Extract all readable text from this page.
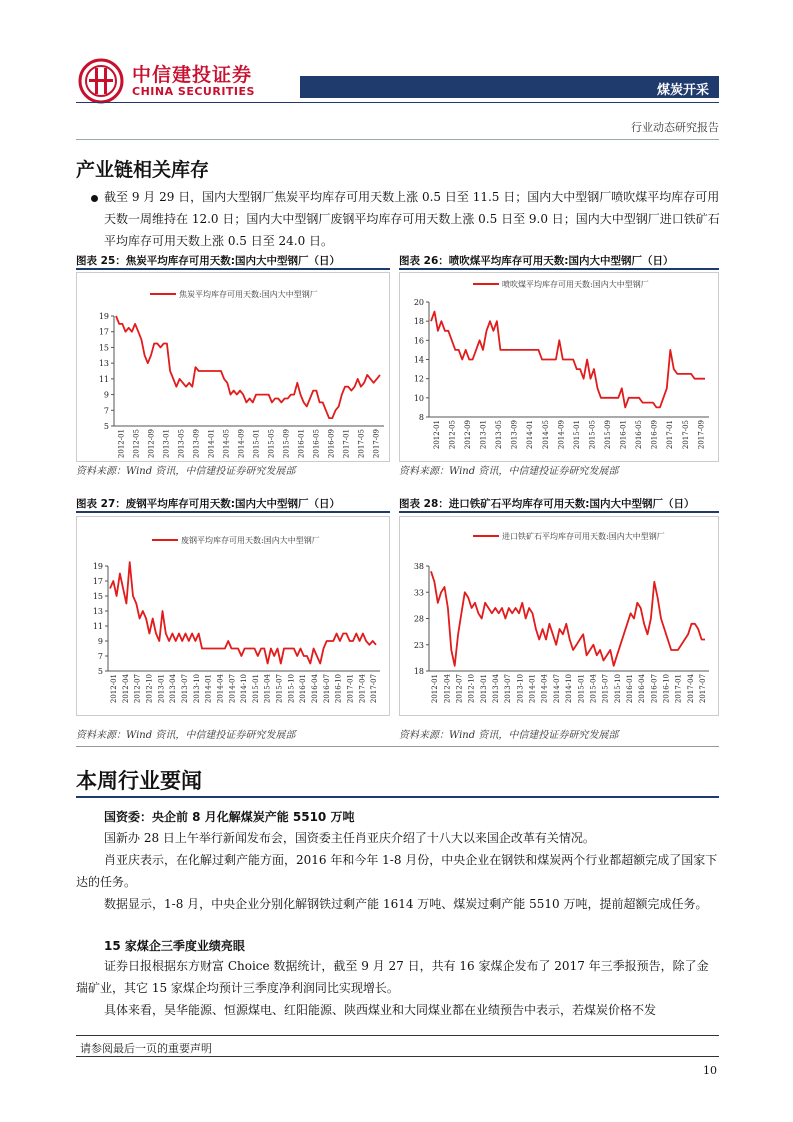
中信建投证券
CHINA SECURITIES	煤炭开采
行业动态研究报告
产业链相关库存
截至 9 月 29 日，国内大型钢厂焦炭平均库存可用天数上涨 0.5 日至 11.5 日；国内大中型钢厂喷吹煤平均库存可用天数一周维持在 12.0 日；国内大中型钢厂废钢平均库存可用天数上涨 0.5 日至 9.0 日；国内大中型钢厂进口铁矿石平均库存可用天数上涨 0.5 日至 24.0 日。
图表 25：焦炭平均库存可用天数:国内大中型钢厂（日）	图表 26：喷吹煤平均库存可用天数:国内大中型钢厂（日）
焦炭平均库存可用天数:国内大中型钢厂
5
7
9
11
13
15
17
19
2012-01 2012-05 2012-09 2013-01 2013-05 2013-09 2014-01 2014-05 2014-09 2015-01 2015-05 2015-09 2016-01 2016-05 2016-09 2017-01 2017-05 2017-09
喷吹煤平均库存可用天数:国内大中型钢厂
8
10
12
14
16
18
20
2012-01 2012-05 2012-09 2013-01 2013-05 2013-09 2014-01 2014-05 2014-09 2015-01 2015-05 2015-09 2016-01 2016-05 2016-09 2017-01 2017-05 2017-09
资料来源：Wind 资讯，中信建投证券研究发展部	资料来源：Wind 资讯，中信建投证券研究发展部
图表 27：废钢平均库存可用天数:国内大中型钢厂（日）	图表 28：进口铁矿石平均库存可用天数:国内大中型钢厂（日）
废钢平均库存可用天数:国内大中型钢厂
5
7
9
11
13
15
17
19
2012-01 2012-04 2012-07 2012-10 2013-01 2013-04 2013-07 2013-10 2014-01 2014-04 2014-07 2014-10 2015-01 2015-04 2015-07 2015-10 2016-01 2016-04 2016-07 2016-10 2017-01 2017-04 2017-07
进口铁矿石平均库存可用天数:国内大中型钢厂
18
23
28
33
38
2012-01 2012-04 2012-07 2012-10 2013-01 2013-04 2013-07 2013-10 2014-01 2014-04 2014-07 2014-10 2015-01 2015-04 2015-07 2015-10 2016-01 2016-04 2016-07 2016-10 2017-01 2017-04 2017-07
资料来源：Wind 资讯，中信建投证券研究发展部	资料来源：Wind 资讯，中信建投证券研究发展部
本周行业要闻
国资委：央企前 8 月化解煤炭产能 5510 万吨
国新办 28 日上午举行新闻发布会，国资委主任肖亚庆介绍了十八大以来国企改革有关情况。
肖亚庆表示，在化解过剩产能方面，2016 年和今年 1-8 月份，中央企业在钢铁和煤炭两个行业都超额完成了国家下达的任务。
数据显示，1-8 月，中央企业分别化解钢铁过剩产能 1614 万吨、煤炭过剩产能 5510 万吨，提前超额完成任务。
15 家煤企三季度业绩亮眼
证券日报根据东方财富 Choice 数据统计，截至 9 月 27 日，共有 16 家煤企发布了 2017 年三季报预告，除了金瑞矿业，其它 15 家煤企均预计三季度净利润同比实现增长。
具体来看，昊华能源、恒源煤电、红阳能源、陕西煤业和大同煤业都在业绩预告中表示，若煤炭价格不发
请参阅最后一页的重要声明
10
